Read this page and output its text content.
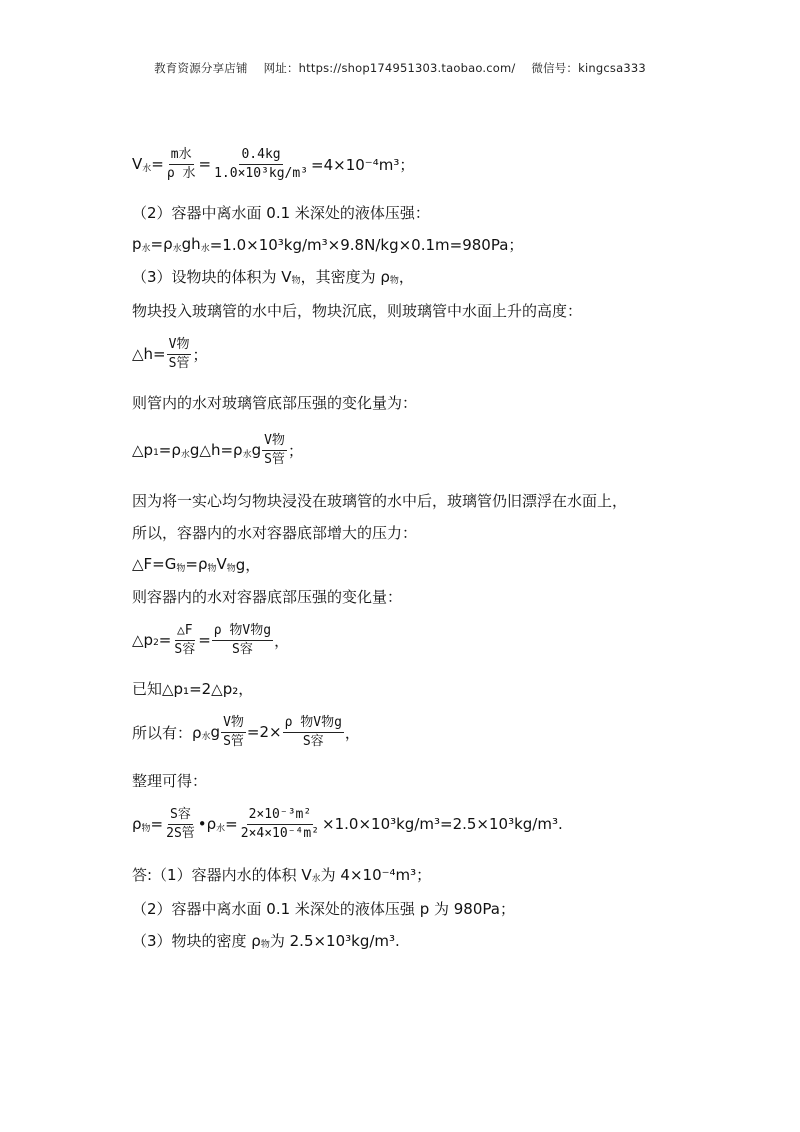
教育资源分享店铺 网址：https://shop174951303.taobao.com/ 微信号：kingcsa333
V 水 = $\frac{\text{m水}}{\text{ρ 水}} = \frac{0.4kg}{\text{1.0×10³kg/m³}} =4\times 10^{-4}m^3$；
（2）容器中离水面 0.1 米深处的液体压强：
p 水 =ρ 水 gh 水 =1.0×10³kg/m³×9.8N/kg×0.1m=980Pa；
（3）设物块的体积为 V 物 ，其密度为 ρ 物 ，
物块投入玻璃管的水中后，物块沉底，则玻璃管中水面上升的高度：
△h= $\frac{\text{V物}}{\text{S管}}$ ；
则管内的水对玻璃管底部压强的变化量为：
△p 1 =ρ 水 g△h=ρ 水 g $\frac{\text{V物}}{\text{S管}}$ ；
因为将一实心均匀物块浸没在玻璃管的水中后，玻璃管仍旧漂浮在水面上，
所以，容器内的水对容器底部增大的压力：
△F=G 物 =ρ 物 V 物 g，
则容器内的水对容器底部压强的变化量：
△p $2 = \frac{\triangle F}{\text{S容}} = \frac{\text{ρ 物V物g}}{\text{S容}}$ ，
已知△p₁=2△p₂，
所以有：ρ 水 g $\frac{\text{V物}}{\text{S管}} =2\times \frac{\text{ρ 物V物g}}{\text{S容}}$ ，
整理可得：
ρ 物 = $\frac{\text{S容}}{\text{2S管}}$ •ρ 水 = $\frac{\text{2×10⁻³m²}}{\text{2×4×10⁻⁴m²}} \times 1.0\times 10^3kg/m^3=2.5\times 10^3kg/m^3$.
答:（1）容器内水的体积 V 水 为 4×10⁻⁴m³；
（2）容器中离水面 0.1 米深处的液体压强 p 为 980Pa；
（3）物块的密度 ρ 物 为 2.5×10³kg/m³.
